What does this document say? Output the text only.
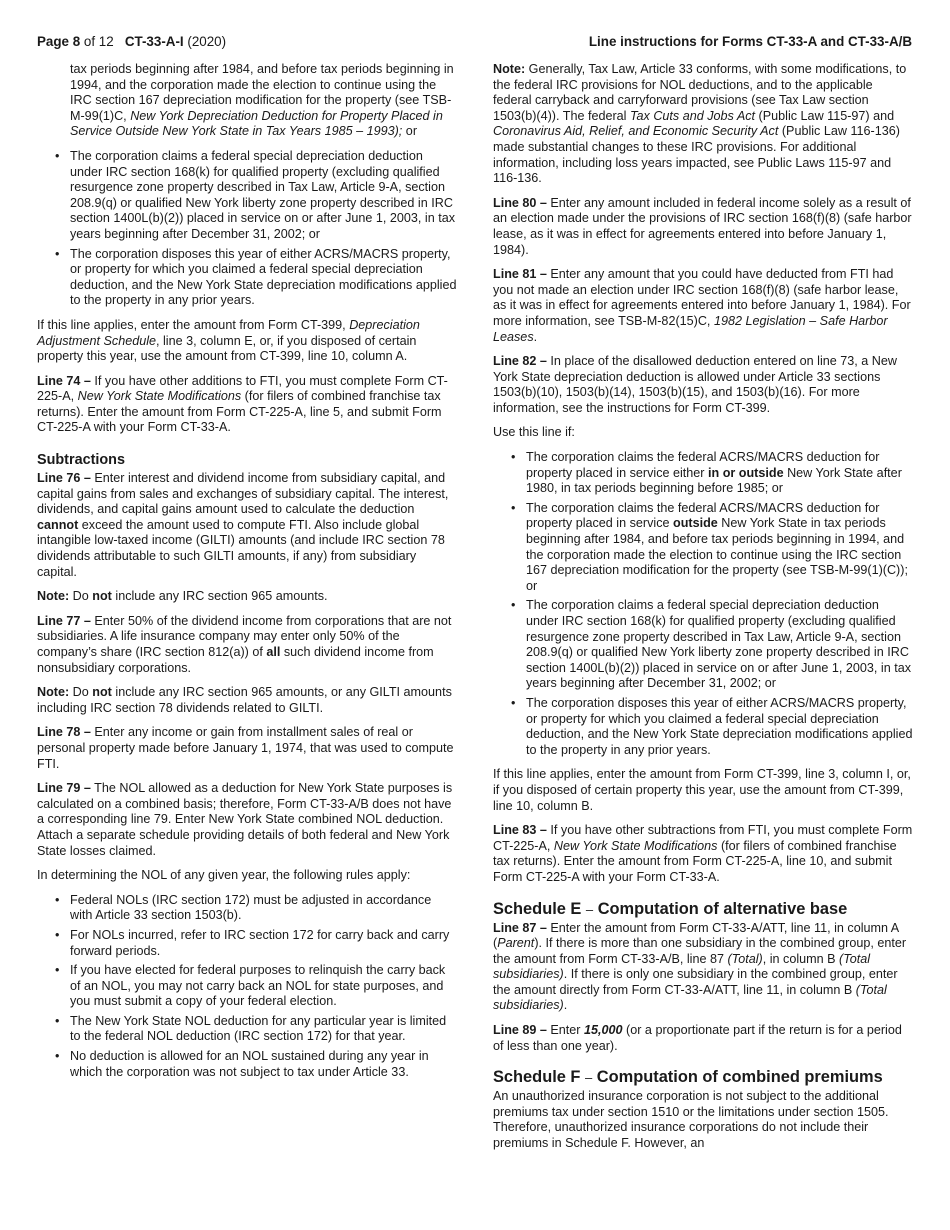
Page 8 of 12   CT-33-A-I (2020)	Line instructions for Forms CT-33-A and CT-33-A/B

tax periods beginning after 1984, and before tax periods beginning in 1994, and the corporation made the election to continue using the IRC section 167 depreciation modification for the property (see TSB-M-99(1)C, New York Depreciation Deduction for Property Placed in Service Outside New York State in Tax Years 1985 – 1993); or

• The corporation claims a federal special depreciation deduction under IRC section 168(k) for qualified property (excluding qualified resurgence zone property described in Tax Law, Article 9-A, section 208.9(q) or qualified New York liberty zone property described in IRC section 1400L(b)(2)) placed in service on or after June 1, 2003, in tax years beginning after December 31, 2002; or
• The corporation disposes this year of either ACRS/MACRS property, or property for which you claimed a federal special depreciation deduction, and the New York State depreciation modifications applied to the property in any prior years.

If this line applies, enter the amount from Form CT-399, Depreciation Adjustment Schedule, line 3, column E, or, if you disposed of certain property this year, use the amount from CT-399, line 10, column A.

Line 74 – If you have other additions to FTI, you must complete Form CT-225-A, New York State Modifications (for filers of combined franchise tax returns). Enter the amount from Form CT-225-A, line 5, and submit Form CT-225-A with your Form CT-33-A.

Subtractions

Line 76 – Enter interest and dividend income from subsidiary capital, and capital gains from sales and exchanges of subsidiary capital. The interest, dividends, and capital gains amount used to calculate the deduction cannot exceed the amount used to compute FTI. Also include global intangible low-taxed income (GILTI) amounts (and include IRC section 78 dividends attributable to such GILTI amounts, if any) from subsidiary capital.

Note: Do not include any IRC section 965 amounts.

Line 77 – Enter 50% of the dividend income from corporations that are not subsidiaries. A life insurance company may enter only 50% of the company’s share (IRC section 812(a)) of all such dividend income from nonsubsidiary corporations.

Note: Do not include any IRC section 965 amounts, or any GILTI amounts including IRC section 78 dividends related to GILTI.

Line 78 – Enter any income or gain from installment sales of real or personal property made before January 1, 1974, that was used to compute FTI.

Line 79 – The NOL allowed as a deduction for New York State purposes is calculated on a combined basis; therefore, Form CT-33-A/B does not have a corresponding line 79. Enter New York State combined NOL deduction. Attach a separate schedule providing details of both federal and New York State losses claimed.

In determining the NOL of any given year, the following rules apply:

• Federal NOLs (IRC section 172) must be adjusted in accordance with Article 33 section 1503(b).
• For NOLs incurred, refer to IRC section 172 for carry back and carry forward periods.
• If you have elected for federal purposes to relinquish the carry back of an NOL, you may not carry back an NOL for state purposes, and you must submit a copy of your federal election.
• The New York State NOL deduction for any particular year is limited to the federal NOL deduction (IRC section 172) for that year.
• No deduction is allowed for an NOL sustained during any year in which the corporation was not subject to tax under Article 33.

Note: Generally, Tax Law, Article 33 conforms, with some modifications, to the federal IRC provisions for NOL deductions, and to the applicable federal carryback and carryforward provisions (see Tax Law section 1503(b)(4)). The federal Tax Cuts and Jobs Act (Public Law 115-97) and Coronavirus Aid, Relief, and Economic Security Act (Public Law 116-136) made substantial changes to these IRC provisions. For additional information, including loss years impacted, see Public Laws 115-97 and 116-136.

Line 80 – Enter any amount included in federal income solely as a result of an election made under the provisions of IRC section 168(f)(8) (safe harbor lease, as it was in effect for agreements entered into before January 1, 1984).

Line 81 – Enter any amount that you could have deducted from FTI had you not made an election under IRC section 168(f)(8) (safe harbor lease, as it was in effect for agreements entered into before January 1, 1984). For more information, see TSB-M-82(15)C, 1982 Legislation – Safe Harbor Leases.

Line 82 – In place of the disallowed deduction entered on line 73, a New York State depreciation deduction is allowed under Article 33 sections 1503(b)(10), 1503(b)(14), 1503(b)(15), and 1503(b)(16). For more information, see the instructions for Form CT-399.

Use this line if:

• The corporation claims the federal ACRS/MACRS deduction for property placed in service either in or outside New York State after 1980, in tax periods beginning before 1985; or
• The corporation claims the federal ACRS/MACRS deduction for property placed in service outside New York State in tax periods beginning after 1984, and before tax periods beginning in 1994, and the corporation made the election to continue using the IRC section 167 depreciation modification for the property (see TSB-M-99(1)(C)); or
• The corporation claims a federal special depreciation deduction under IRC section 168(k) for qualified property (excluding qualified resurgence zone property described in Tax Law, Article 9-A, section 208.9(q) or qualified New York liberty zone property described in IRC section 1400L(b)(2)) placed in service on or after June 1, 2003, in tax years beginning after December 31, 2002; or
• The corporation disposes this year of either ACRS/MACRS property, or property for which you claimed a federal special depreciation deduction, and the New York State depreciation modifications applied to the property in any prior years.

If this line applies, enter the amount from Form CT-399, line 3, column I, or, if you disposed of certain property this year, use the amount from CT-399, line 10, column B.

Line 83 – If you have other subtractions from FTI, you must complete Form CT-225-A, New York State Modifications (for filers of combined franchise tax returns). Enter the amount from Form CT-225-A, line 10, and submit Form CT-225-A with your Form CT-33-A.

Schedule E – Computation of alternative base

Line 87 – Enter the amount from Form CT-33-A/ATT, line 11, in column A (Parent). If there is more than one subsidiary in the combined group, enter the amount from Form CT-33-A/B, line 87 (Total), in column B (Total subsidiaries). If there is only one subsidiary in the combined group, enter the amount directly from Form CT-33-A/ATT, line 11, in column B (Total subsidiaries).

Line 89 – Enter 15,000 (or a proportionate part if the return is for a period of less than one year).

Schedule F – Computation of combined premiums

An unauthorized insurance corporation is not subject to the additional premiums tax under section 1510 or the limitations under section 1505. Therefore, unauthorized insurance corporations do not include their premiums in Schedule F. However, an
